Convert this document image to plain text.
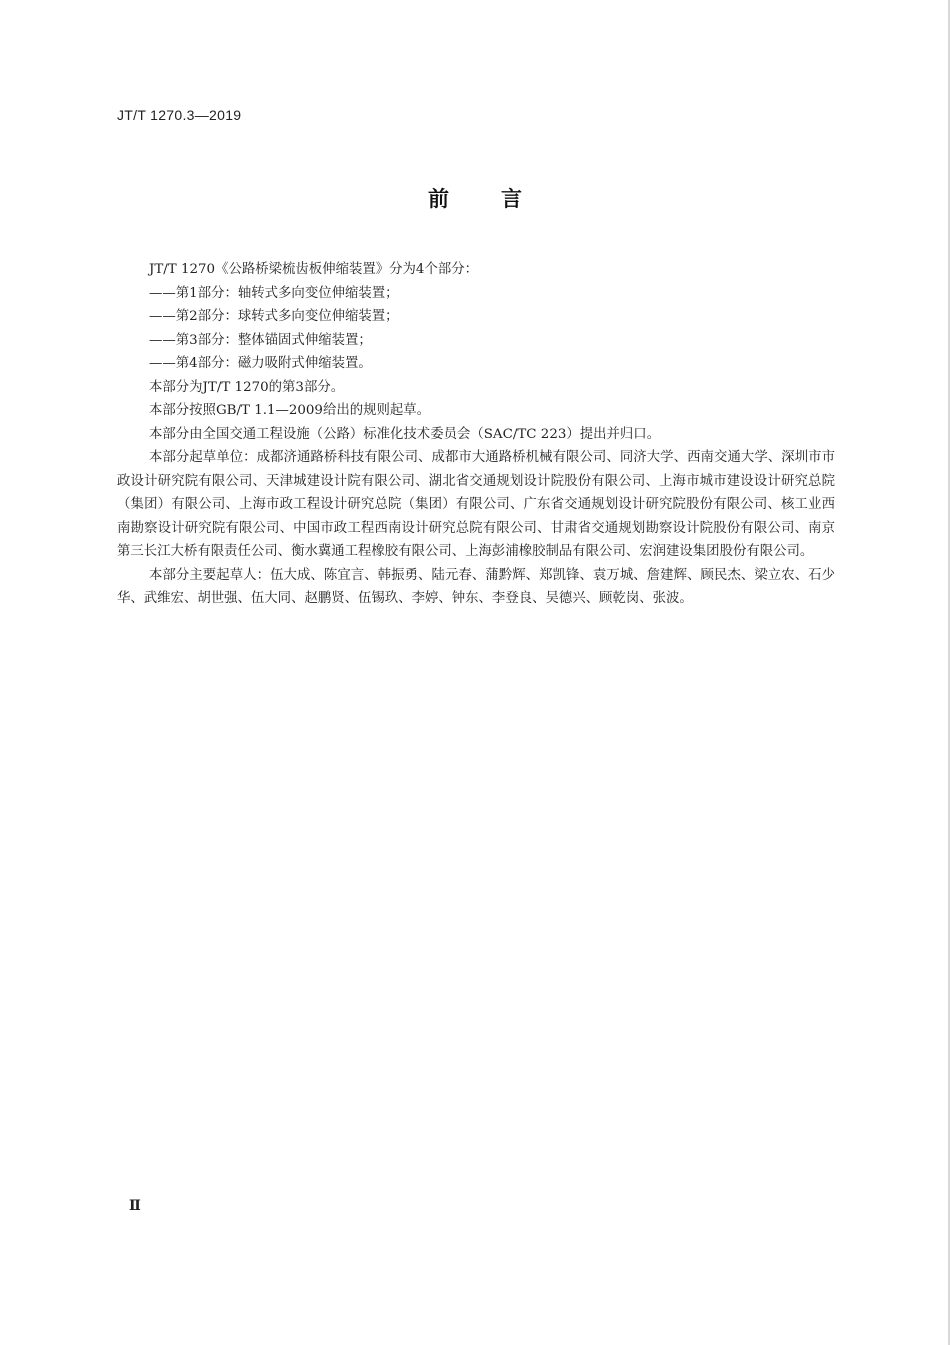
JT/T 1270.3—2019
前言

JT/T 1270《公路桥梁梳齿板伸缩装置》分为4个部分：

——第1部分：轴转式多向变位伸缩装置；

——第2部分：球转式多向变位伸缩装置；

——第3部分：整体锚固式伸缩装置；

——第4部分：磁力吸附式伸缩装置。

本部分为JT/T 1270的第3部分。

本部分按照GB/T 1.1—2009给出的规则起草。

本部分由全国交通工程设施（公路）标准化技术委员会（SAC/TC 223）提出并归口。

本部分起草单位：成都济通路桥科技有限公司、成都市大通路桥机械有限公司、同济大学、西南交通大学、深圳市市政设计研究院有限公司、天津城建设计院有限公司、湖北省交通规划设计院股份有限公司、上海市城市建设设计研究总院（集团）有限公司、上海市政工程设计研究总院（集团）有限公司、广东省交通规划设计研究院股份有限公司、核工业西南勘察设计研究院有限公司、中国市政工程西南设计研究总院有限公司、甘肃省交通规划勘察设计院股份有限公司、南京第三长江大桥有限责任公司、衡水冀通工程橡胶有限公司、上海彭浦橡胶制品有限公司、宏润建设集团股份有限公司。

本部分主要起草人：伍大成、陈宜言、韩振勇、陆元春、蒲黔辉、郑凯锋、袁万城、詹建辉、顾民杰、梁立农、石少华、武维宏、胡世强、伍大同、赵鹏贤、伍锡玖、李婷、钟东、李登良、吴德兴、顾乾岗、张波。

Ⅱ
